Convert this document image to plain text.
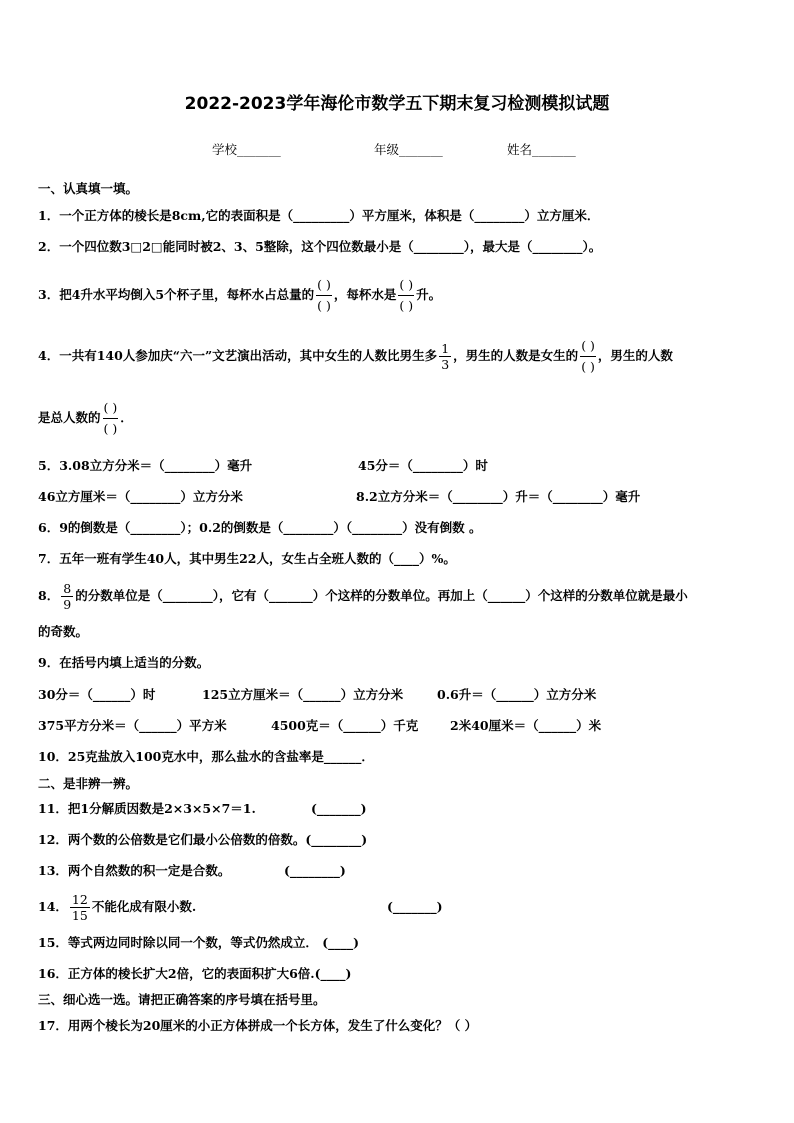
2022-2023学年海伦市数学五下期末复习检测模拟试题
学校_______	年级_______	姓名_______
一、认真填一填。
1．一个正方体的棱长是8cm,它的表面积是（_________）平方厘米，体积是（________）立方厘米．
2．一个四位数3□2□能同时被2、3、5整除，这个四位数最小是（________），最大是（________）。
3．把4升水平均倒入5个杯子里，每杯水占总量的 $\frac{( )}{( )}$ ，每杯水是 $\frac{( )}{( )}$ 升。
4．一共有140人参加庆“六一”文艺演出活动，其中女生的人数比男生多 $\frac{1}{3}$ ，男生的人数是女生的 $\frac{( )}{( )}$ ，男生的人数
是总人数的 $\frac{( )}{( )}$ ．
5．3.08立方分米＝（________）毫升	45分＝（________）时
46立方厘米＝（________）立方分米	8.2立方分米＝（________）升＝（________）毫升
6．9的倒数是（________）；0.2的倒数是（________）（________）没有倒数 。
7．五年一班有学生40人，其中男生22人，女生占全班人数的（____）%。
8． $\frac{8}{9}$ 的分数单位是（________），它有（_______）个这样的分数单位。再加上（______）个这样的分数单位就是最小
的奇数。
9．在括号内填上适当的分数。
30分＝（______）时	125立方厘米＝（______）立方分米	0.6升＝（______）立方分米
375平方分米＝（______）平方米	4500克＝（______）千克	2米40厘米＝（______）米
10．25克盐放入100克水中，那么盐水的含盐率是______．
二、是非辨一辨。
11．把1分解质因数是2×3×5×7＝1.	(_______)
12．两个数的公倍数是它们最小公倍数的倍数。(________)
13．两个自然数的积一定是合数。	(________)
14． $\frac{12}{15}$ 不能化成有限小数.	(_______)
15．等式两边同时除以同一个数，等式仍然成立． (____)
16．正方体的棱长扩大2倍，它的表面积扩大6倍.(____)
三、细心选一选。请把正确答案的序号填在括号里。
17．用两个棱长为20厘米的小正方体拼成一个长方体，发生了什么变化？（ ）
